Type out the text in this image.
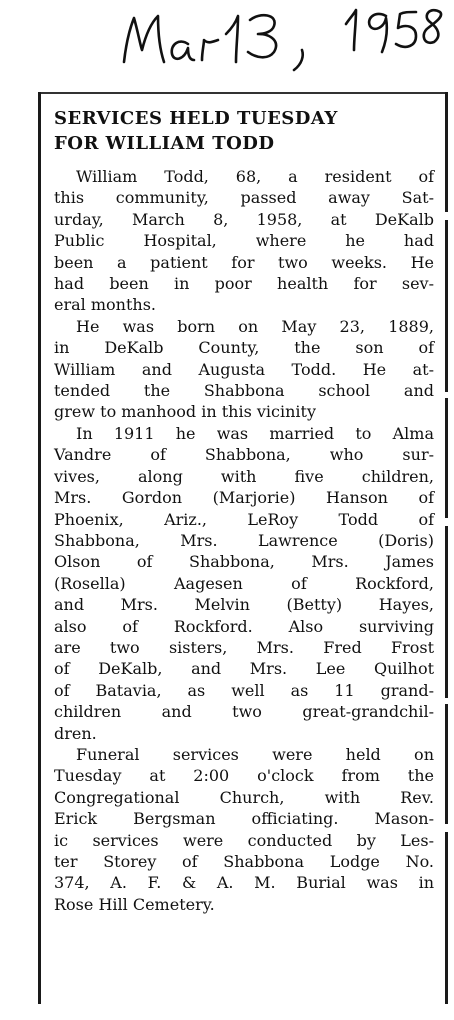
SERVICES HELD TUESDAY
FOR WILLIAM TODD

William Todd, 68, a resident of
this community, passed away Sat-
urday, March 8, 1958, at DeKalb
Public Hospital, where he had
been a patient for two weeks. He
had been in poor health for sev-
eral months.

He was born on May 23, 1889,
in DeKalb County, the son of
William and Augusta Todd. He at-
tended the Shabbona school and
grew to manhood in this vicinity

In 1911 he was married to Alma
Vandre of Shabbona, who sur-
vives, along with five children,
Mrs. Gordon (Marjorie) Hanson of
Phoenix, Ariz., LeRoy Todd of
Shabbona, Mrs. Lawrence (Doris)
Olson of Shabbona, Mrs. James
(Rosella) Aagesen of Rockford,
and Mrs. Melvin (Betty) Hayes,
also of Rockford. Also surviving
are two sisters, Mrs. Fred Frost
of DeKalb, and Mrs. Lee Quilhot
of Batavia, as well as 11 grand-
children and two great-grandchil-
dren.

Funeral services were held on
Tuesday at 2:00 o'clock from the
Congregational Church, with Rev.
Erick Bergsman officiating. Mason-
ic services were conducted by Les-
ter Storey of Shabbona Lodge No.
374, A. F. & A. M. Burial was in
Rose Hill Cemetery.
